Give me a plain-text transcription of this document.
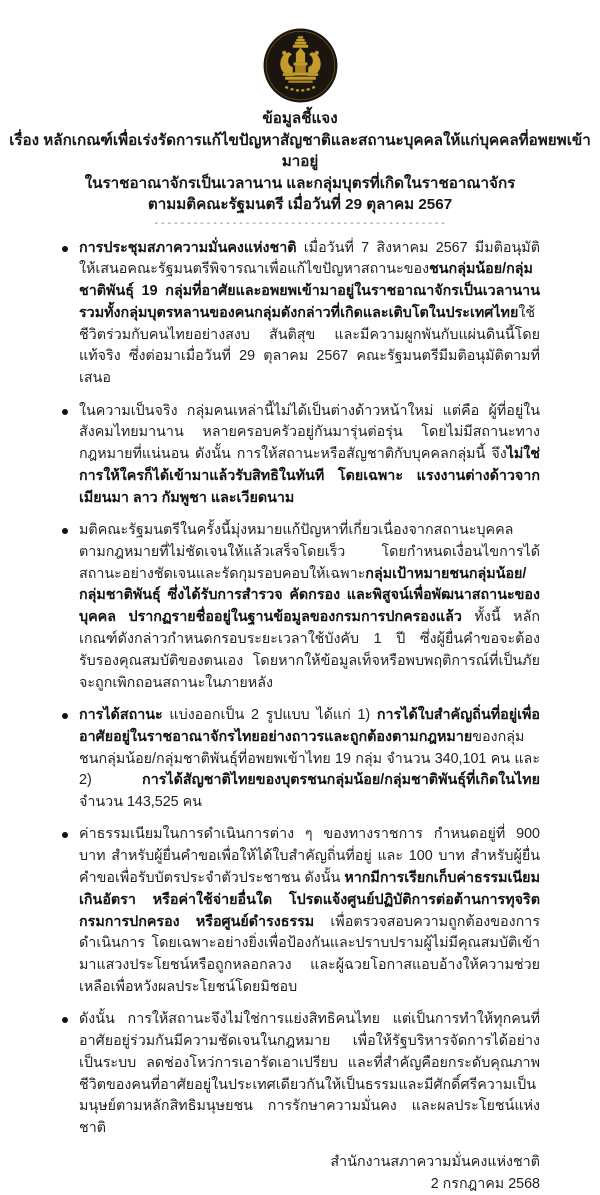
ข้อมูลชี้แจง
เรื่อง หลักเกณฑ์เพื่อเร่งรัดการแก้ไขปัญหาสัญชาติและสถานะบุคคลให้แก่บุคคลที่อพยพเข้ามาอยู่
ในราชอาณาจักรเป็นเวลานาน และกลุ่มบุตรที่เกิดในราชอาณาจักร
ตามมติคณะรัฐมนตรี เมื่อวันที่ 29 ตุลาคม 2567
---------------------------------------------
การประชุมสภาความมั่นคงแห่งชาติ เมื่อวันที่ 7 สิงหาคม 2567 มีมติอนุมัติให้เสนอคณะรัฐมนตรีพิจารณาเพื่อแก้ไขปัญหาสถานะของชนกลุ่มน้อย/กลุ่มชาติพันธุ์ 19 กลุ่มที่อาศัยและอพยพเข้ามาอยู่ในราชอาณาจักรเป็นเวลานาน รวมทั้งกลุ่มบุตรหลานของคนกลุ่มดังกล่าวที่เกิดและเติบโตในประเทศไทยใช้ชีวิตร่วมกับคนไทยอย่างสงบ สันติสุข และมีความผูกพันกับแผ่นดินนี้โดยแท้จริง ซึ่งต่อมาเมื่อวันที่ 29 ตุลาคม 2567 คณะรัฐมนตรีมีมติอนุมัติตามที่เสนอ
ในความเป็นจริง กลุ่มคนเหล่านี้ไม่ได้เป็นต่างด้าวหน้าใหม่ แต่คือ ผู้ที่อยู่ในสังคมไทยมานาน หลายครอบครัวอยู่กันมารุ่นต่อรุ่น โดยไม่มีสถานะทางกฎหมายที่แน่นอน ดังนั้น การให้สถานะหรือสัญชาติกับบุคคลกลุ่มนี้ จึงไม่ใช่การให้ใครก็ได้เข้ามาแล้วรับสิทธิในทันที โดยเฉพาะ แรงงานต่างด้าวจากเมียนมา ลาว กัมพูชา และเวียดนาม
มติคณะรัฐมนตรีในครั้งนี้มุ่งหมายแก้ปัญหาที่เกี่ยวเนื่องจากสถานะบุคคลตามกฎหมายที่ไม่ชัดเจนให้แล้วเสร็จโดยเร็ว โดยกำหนดเงื่อนไขการได้สถานะอย่างชัดเจนและรัดกุมรอบคอบให้เฉพาะกลุ่มเป้าหมายชนกลุ่มน้อย/กลุ่มชาติพันธุ์ ซึ่งได้รับการสำรวจ คัดกรอง และพิสูจน์เพื่อพัฒนาสถานะของบุคคล ปรากฏรายชื่ออยู่ในฐานข้อมูลของกรมการปกครองแล้ว ทั้งนี้ หลักเกณฑ์ดังกล่าวกำหนดกรอบระยะเวลาใช้บังคับ 1 ปี ซึ่งผู้ยื่นคำขอจะต้องรับรองคุณสมบัติของตนเอง โดยหากให้ข้อมูลเท็จหรือพบพฤติการณ์ที่เป็นภัยจะถูกเพิกถอนสถานะในภายหลัง
การได้สถานะ แบ่งออกเป็น 2 รูปแบบ ได้แก่ 1) การได้ใบสำคัญถิ่นที่อยู่เพื่ออาศัยอยู่ในราชอาณาจักรไทยอย่างถาวรและถูกต้องตามกฎหมายของกลุ่มชนกลุ่มน้อย/กลุ่มชาติพันธุ์ที่อพยพเข้าไทย 19 กลุ่ม จำนวน 340,101 คน และ 2) การได้สัญชาติไทยของบุตรชนกลุ่มน้อย/กลุ่มชาติพันธุ์ที่เกิดในไทย จำนวน 143,525 คน
ค่าธรรมเนียมในการดำเนินการต่าง ๆ ของทางราชการ กำหนดอยู่ที่ 900 บาท สำหรับผู้ยื่นคำขอเพื่อให้ได้ใบสำคัญถิ่นที่อยู่ และ 100 บาท สำหรับผู้ยื่นคำขอเพื่อรับบัตรประจำตัวประชาชน ดังนั้น หากมีการเรียกเก็บค่าธรรมเนียมเกินอัตรา หรือค่าใช้จ่ายอื่นใด โปรดแจ้งศูนย์ปฏิบัติการต่อต้านการทุจริต กรมการปกครอง หรือศูนย์ดำรงธรรม เพื่อตรวจสอบความถูกต้องของการดำเนินการ โดยเฉพาะอย่างยิ่งเพื่อป้องกันและปราบปรามผู้ไม่มีคุณสมบัติเข้ามาแสวงประโยชน์หรือถูกหลอกลวง และผู้ฉวยโอกาสแอบอ้างให้ความช่วยเหลือเพื่อหวังผลประโยชน์โดยมิชอบ
ดังนั้น การให้สถานะจึงไม่ใช่การแย่งสิทธิคนไทย แต่เป็นการทำให้ทุกคนที่อาศัยอยู่ร่วมกันมีความชัดเจนในกฎหมาย เพื่อให้รัฐบริหารจัดการได้อย่างเป็นระบบ ลดช่องโหว่การเอารัดเอาเปรียบ และที่สำคัญคือยกระดับคุณภาพชีวิตของคนที่อาศัยอยู่ในประเทศเดียวกันให้เป็นธรรมและมีศักดิ์ศรีความเป็นมนุษย์ตามหลักสิทธิมนุษยชน การรักษาความมั่นคง และผลประโยชน์แห่งชาติ
สำนักงานสภาความมั่นคงแห่งชาติ
2 กรกฎาคม 2568
